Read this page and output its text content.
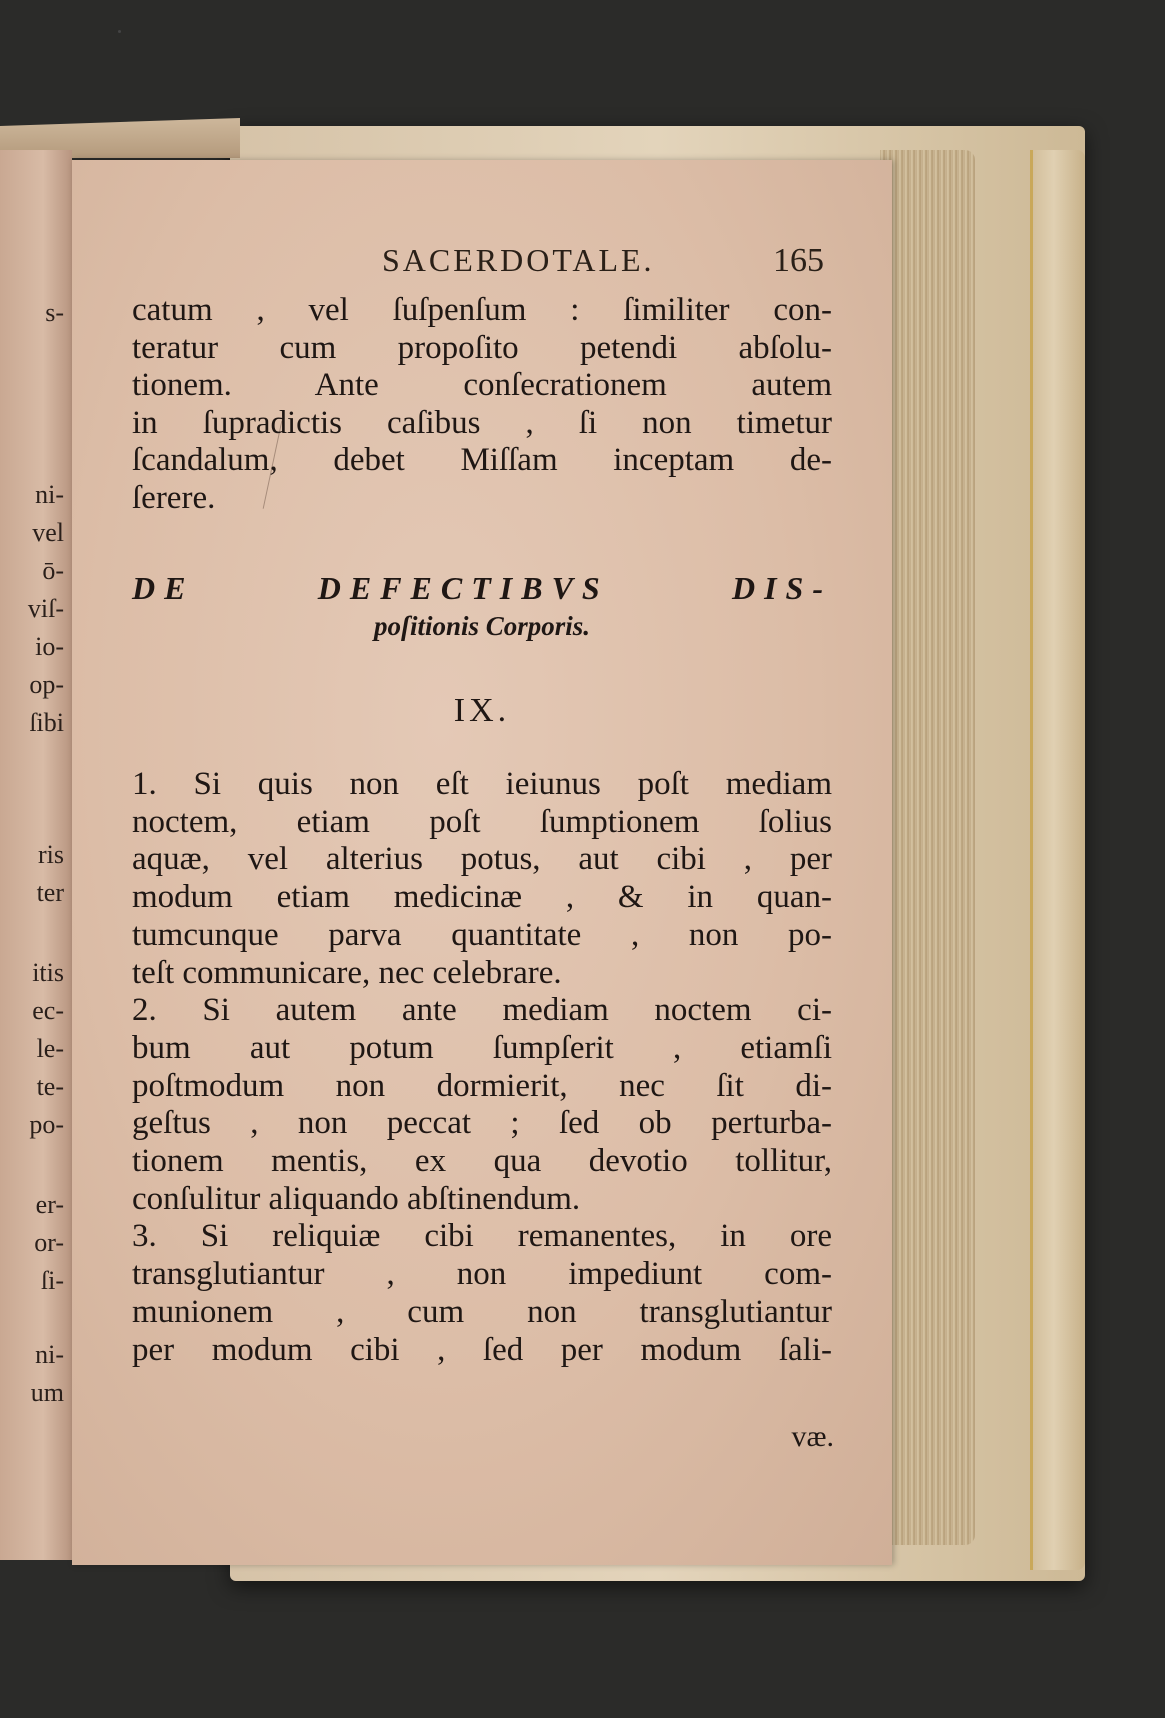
s-
ni-
vel
ō-
viſ-
io-
op-
ſibi
ris
ter
itis
ec-
le-
te-
po-
er-
or-
ſi-
ni-
um
SACERDOTALE.	165
catum , vel ſuſpenſum : ſimiliter con-
teratur cum propoſito petendi abſolu-
tionem. Ante conſecrationem autem
in ſupradictis caſibus , ſi non timetur
ſcandalum, debet Miſſam inceptam de-
ſerere.
DE DEFECTIBVS DIS-
poſitionis Corporis.
IX.
1. Si quis non eſt ieiunus poſt mediam
noctem, etiam poſt ſumptionem ſolius
aquæ, vel alterius potus, aut cibi , per
modum etiam medicinæ , & in quan-
tumcunque parva quantitate , non po-
teſt communicare, nec celebrare.
2. Si autem ante mediam noctem ci-
bum aut potum ſumpſerit , etiamſi
poſtmodum non dormierit, nec ſit di-
geſtus , non peccat ; ſed ob perturba-
tionem mentis, ex qua devotio tollitur,
conſulitur aliquando abſtinendum.
3. Si reliquiæ cibi remanentes, in ore
transglutiantur , non impediunt com-
munionem , cum non transglutiantur
per modum cibi , ſed per modum ſali-
væ.
